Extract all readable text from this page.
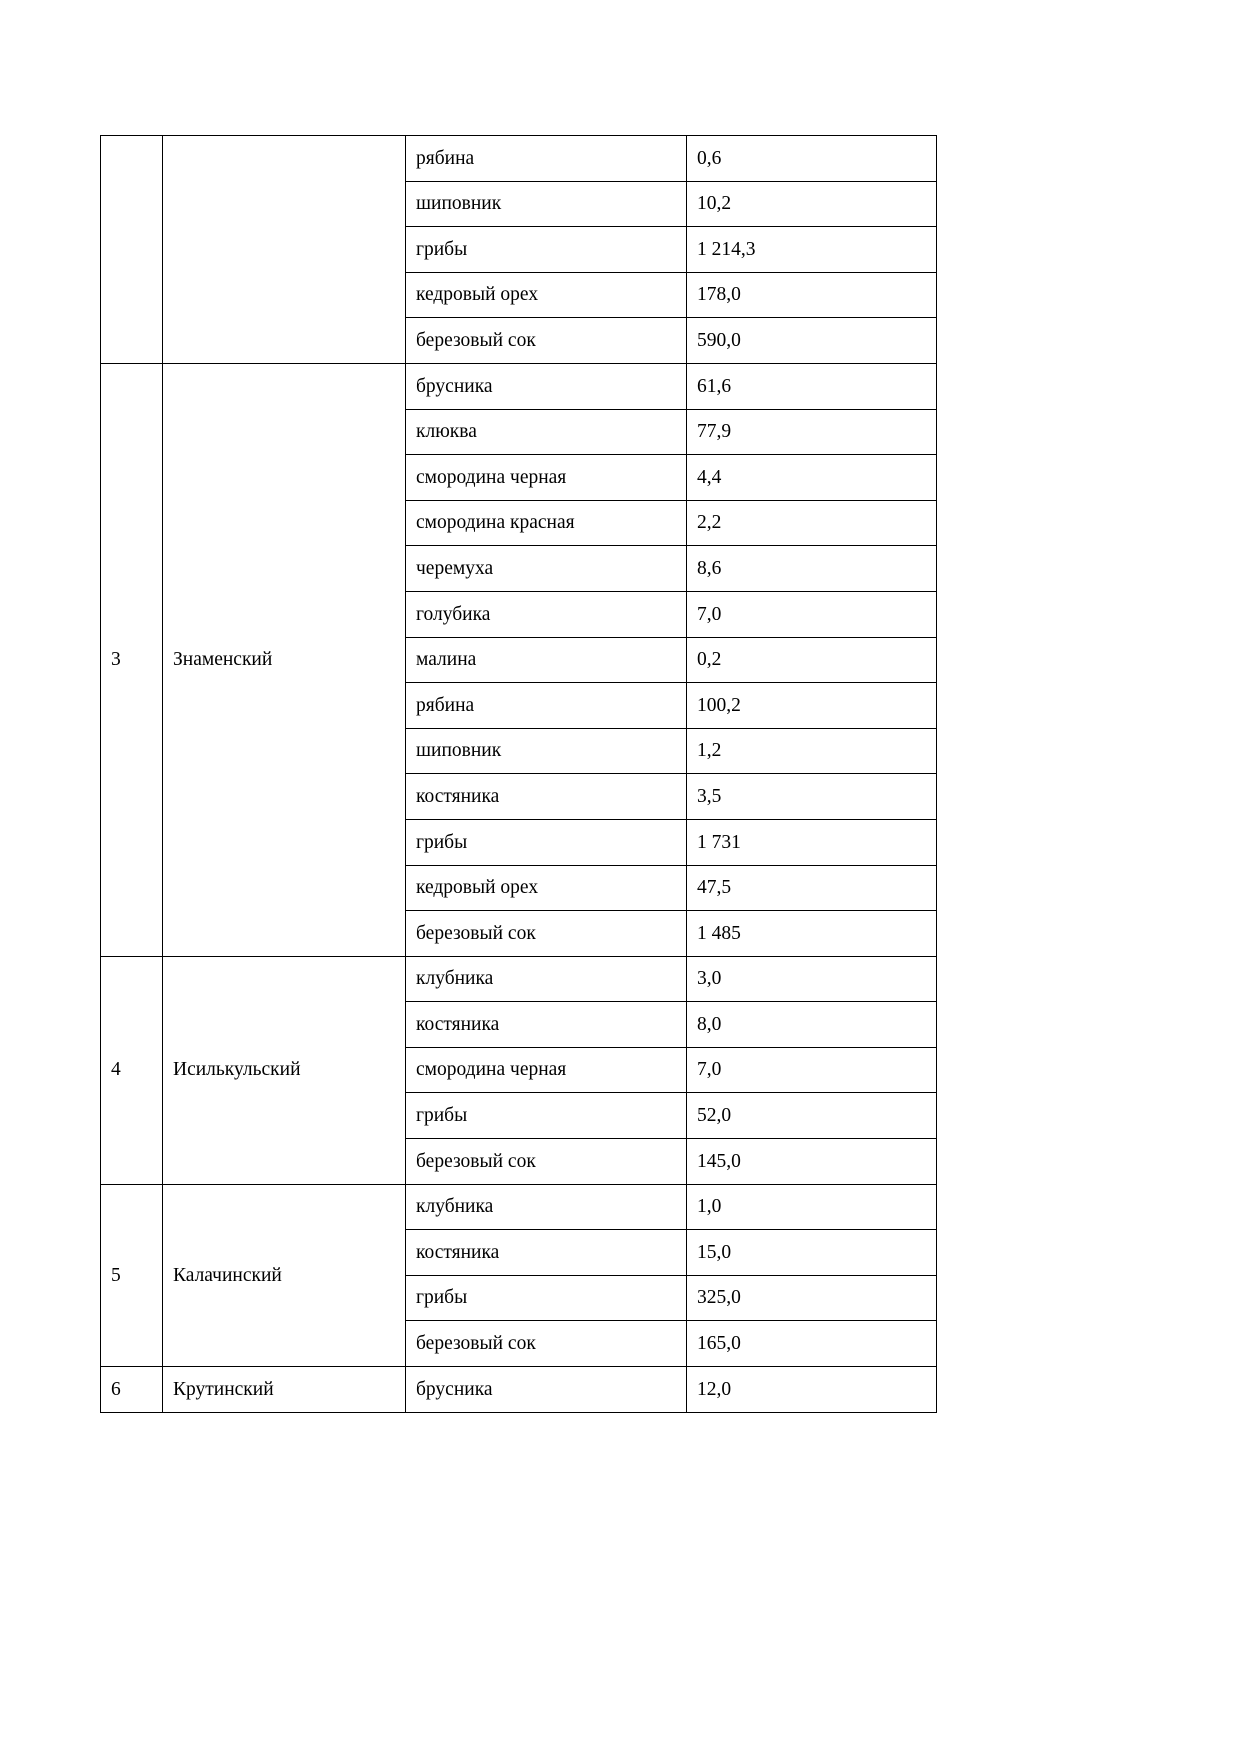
		рябина	0,6
		шиповник	10,2
		грибы	1 214,3
		кедровый орех	178,0
		березовый сок	590,0
3	Знаменский	брусника	61,6
		клюква	77,9
		смородина черная	4,4
		смородина красная	2,2
		черемуха	8,6
		голубика	7,0
		малина	0,2
		рябина	100,2
		шиповник	1,2
		костяника	3,5
		грибы	1 731
		кедровый орех	47,5
		березовый сок	1 485
4	Исилькульский	клубника	3,0
		костяника	8,0
		смородина черная	7,0
		грибы	52,0
		березовый сок	145,0
5	Калачинский	клубника	1,0
		костяника	15,0
		грибы	325,0
		березовый сок	165,0
6	Крутинский	брусника	12,0
